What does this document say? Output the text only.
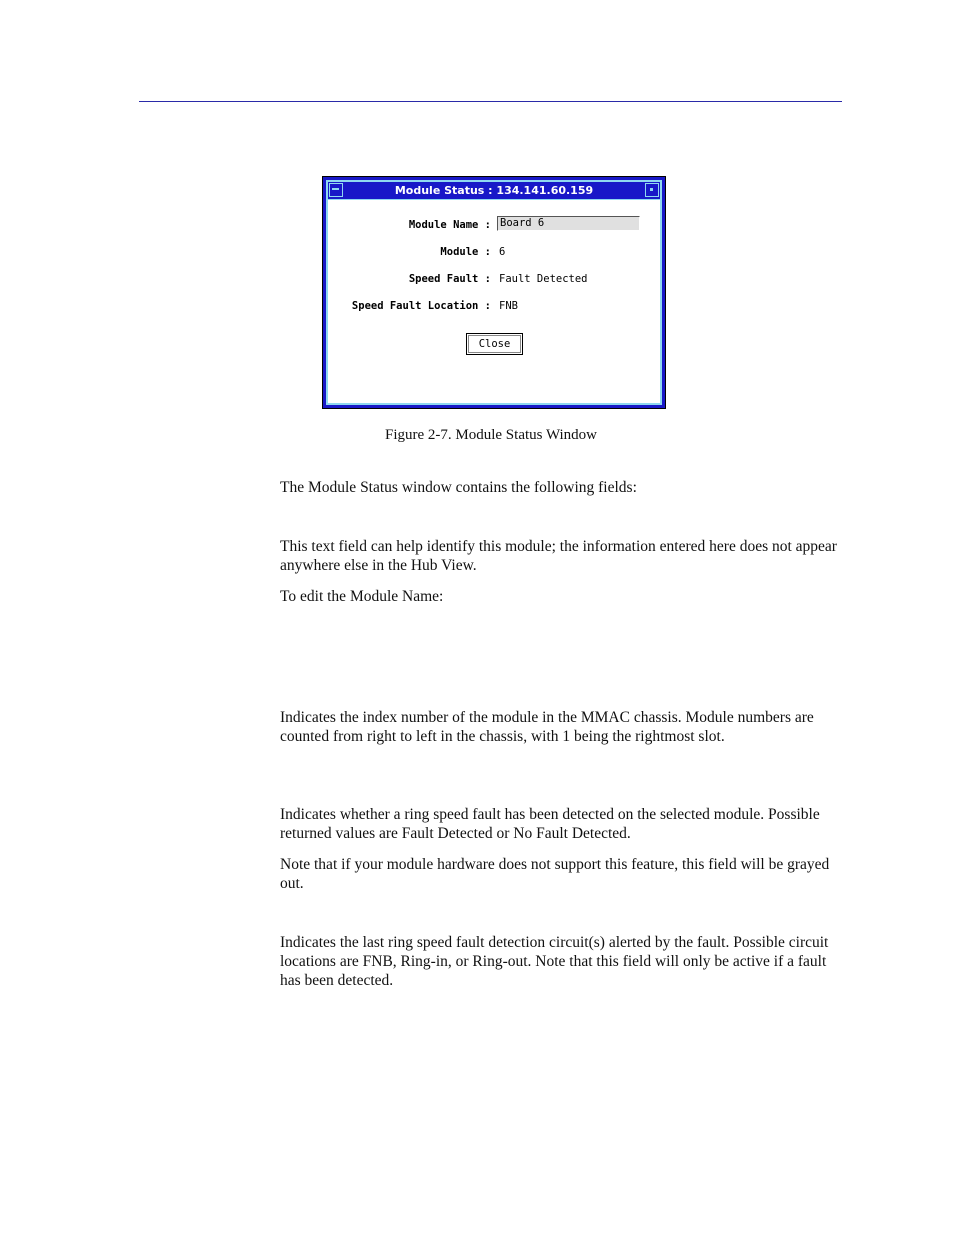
Module Status : 134.141.60.159
Module Name : Board 6
Module : 6
Speed Fault : Fault Detected
Speed Fault Location : FNB
Close
Figure 2-7. Module Status Window

The Module Status window contains the following fields:

This text field can help identify this module; the information entered here does not appear anywhere else in the Hub View.

To edit the Module Name:

Indicates the index number of the module in the MMAC chassis. Module numbers are counted from right to left in the chassis, with 1 being the rightmost slot.

Indicates whether a ring speed fault has been detected on the selected module. Possible returned values are Fault Detected or No Fault Detected.

Note that if your module hardware does not support this feature, this field will be grayed out.

Indicates the last ring speed fault detection circuit(s) alerted by the fault. Possible circuit locations are FNB, Ring-in, or Ring-out. Note that this field will only be active if a fault has been detected.
